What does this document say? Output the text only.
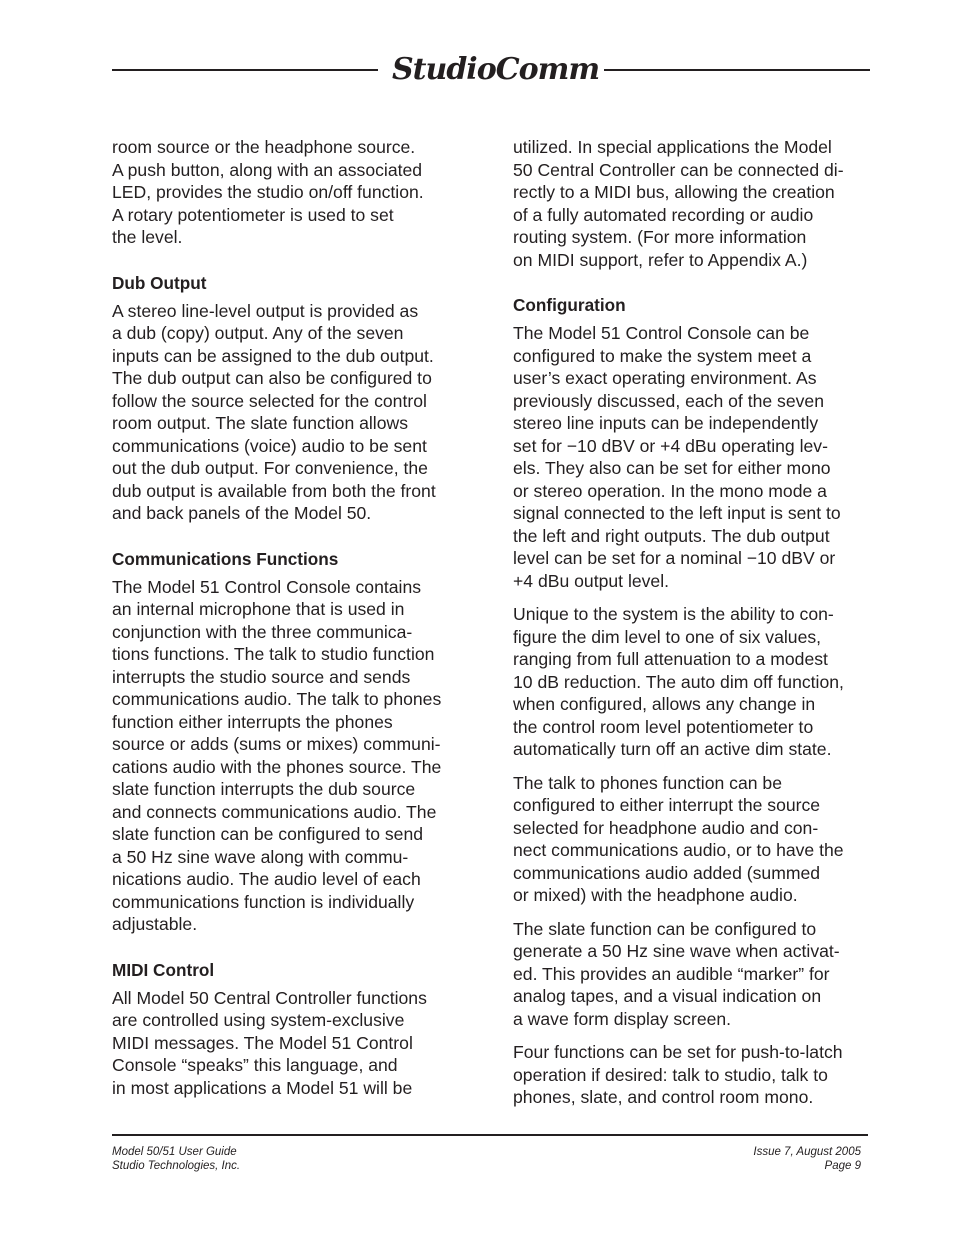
StudioComm

room source or the headphone source.
A push button, along with an associated
LED, provides the studio on/off function.
A rotary potentiometer is used to set
the level.

Dub Output

A stereo line-level output is provided as
a dub (copy) output. Any of the seven
inputs can be assigned to the dub output.
The dub output can also be configured to
follow the source selected for the control
room output. The slate function allows
communications (voice) audio to be sent
out the dub output. For convenience, the
dub output is available from both the front
and back panels of the Model 50.

Communications Functions

The Model 51 Control Console contains
an internal microphone that is used in
conjunction with the three communica-
tions functions. The talk to studio function
interrupts the studio source and sends
communications audio. The talk to phones
function either interrupts the phones
source or adds (sums or mixes) communi-
cations audio with the phones source. The
slate function interrupts the dub source
and connects communications audio. The
slate function can be configured to send
a 50 Hz sine wave along with commu-
nications audio. The audio level of each
communications function is individually
adjustable.

MIDI Control

All Model 50 Central Controller functions
are controlled using system-exclusive
MIDI messages. The Model 51 Control
Console “speaks” this language, and
in most applications a Model 51 will be

utilized. In special applications the Model
50 Central Controller can be connected di-
rectly to a MIDI bus, allowing the creation
of a fully automated recording or audio
routing system. (For more information
on MIDI support, refer to Appendix A.)

Configuration

The Model 51 Control Console can be
configured to make the system meet a
user’s exact operating environment. As
previously discussed, each of the seven
stereo line inputs can be independently
set for −10 dBV or +4 dBu operating lev-
els. They also can be set for either mono
or stereo operation. In the mono mode a
signal connected to the left input is sent to
the left and right outputs. The dub output
level can be set for a nominal −10 dBV or
+4 dBu output level.

Unique to the system is the ability to con-
figure the dim level to one of six values,
ranging from full attenuation to a modest
10 dB reduction. The auto dim off function,
when configured, allows any change in
the control room level potentiometer to
automatically turn off an active dim state.

The talk to phones function can be
configured to either interrupt the source
selected for headphone audio and con-
nect communications audio, or to have the
communications audio added (summed
or mixed) with the headphone audio.

The slate function can be configured to
generate a 50 Hz sine wave when activat-
ed. This provides an audible “marker” for
analog tapes, and a visual indication on
a wave form display screen.

Four functions can be set for push-to-latch
operation if desired: talk to studio, talk to
phones, slate, and control room mono.

Model 50/51 User Guide
Studio Technologies, Inc.
Issue 7, August 2005
Page 9
